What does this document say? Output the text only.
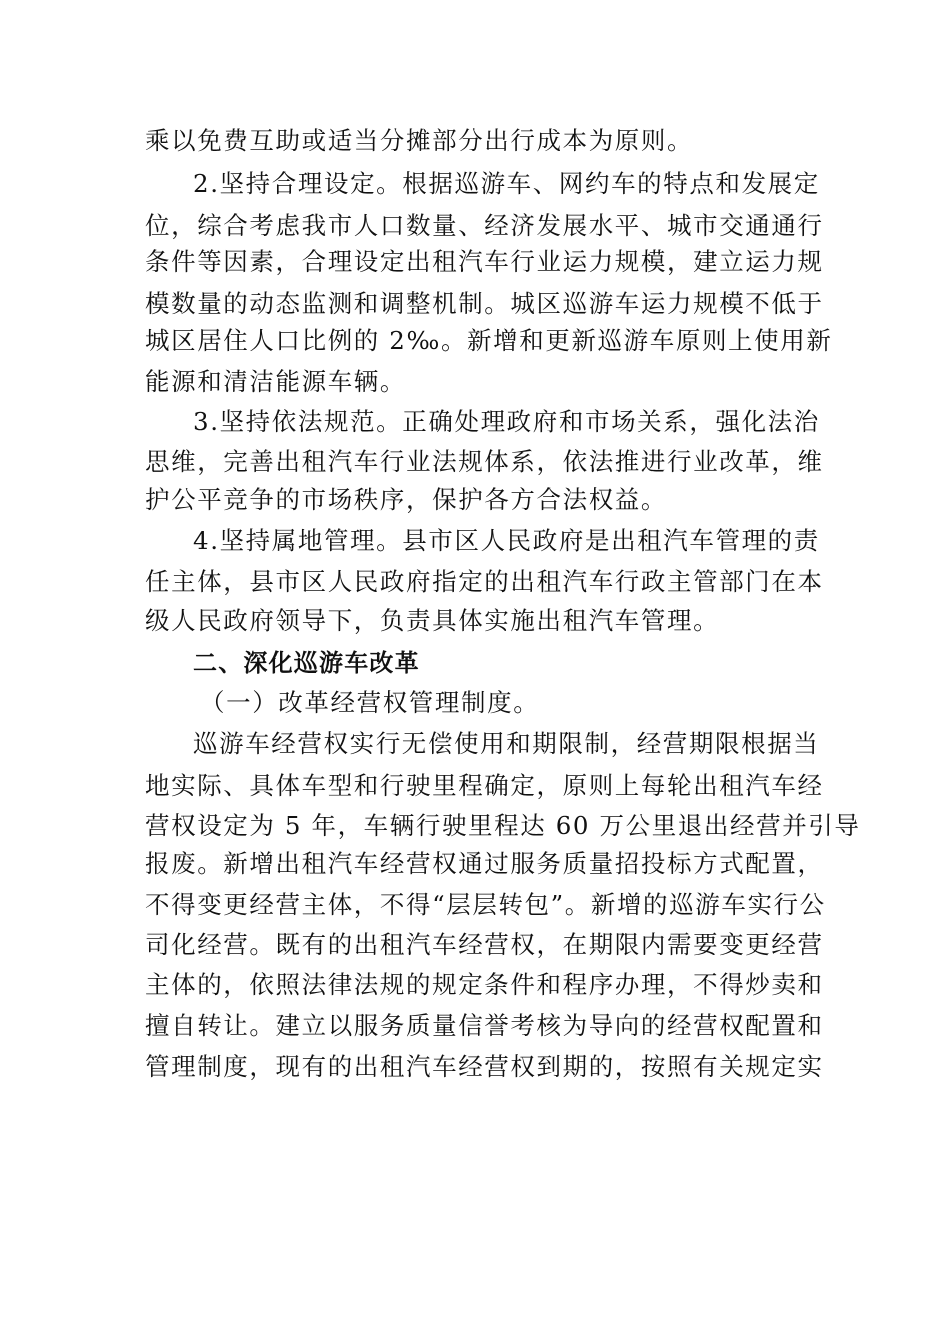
乘以免费互助或适当分摊部分出行成本为原则。
2.坚持合理设定。根据巡游车、网约车的特点和发展定
位，综合考虑我市人口数量、经济发展水平、城市交通通行
条件等因素，合理设定出租汽车行业运力规模，建立运力规
模数量的动态监测和调整机制。城区巡游车运力规模不低于
城区居住人口比例的 2‰。新增和更新巡游车原则上使用新
能源和清洁能源车辆。
3.坚持依法规范。正确处理政府和市场关系，强化法治
思维，完善出租汽车行业法规体系，依法推进行业改革，维
护公平竞争的市场秩序，保护各方合法权益。
4.坚持属地管理。县市区人民政府是出租汽车管理的责
任主体，县市区人民政府指定的出租汽车行政主管部门在本
级人民政府领导下，负责具体实施出租汽车管理。
二、深化巡游车改革
（一）改革经营权管理制度。
巡游车经营权实行无偿使用和期限制，经营期限根据当
地实际、具体车型和行驶里程确定，原则上每轮出租汽车经
营权设定为 5 年，车辆行驶里程达 60 万公里退出经营并引导
报废。新增出租汽车经营权通过服务质量招投标方式配置，
不得变更经营主体，不得“层层转包”。新增的巡游车实行公
司化经营。既有的出租汽车经营权，在期限内需要变更经营
主体的，依照法律法规的规定条件和程序办理，不得炒卖和
擅自转让。建立以服务质量信誉考核为导向的经营权配置和
管理制度，现有的出租汽车经营权到期的，按照有关规定实
